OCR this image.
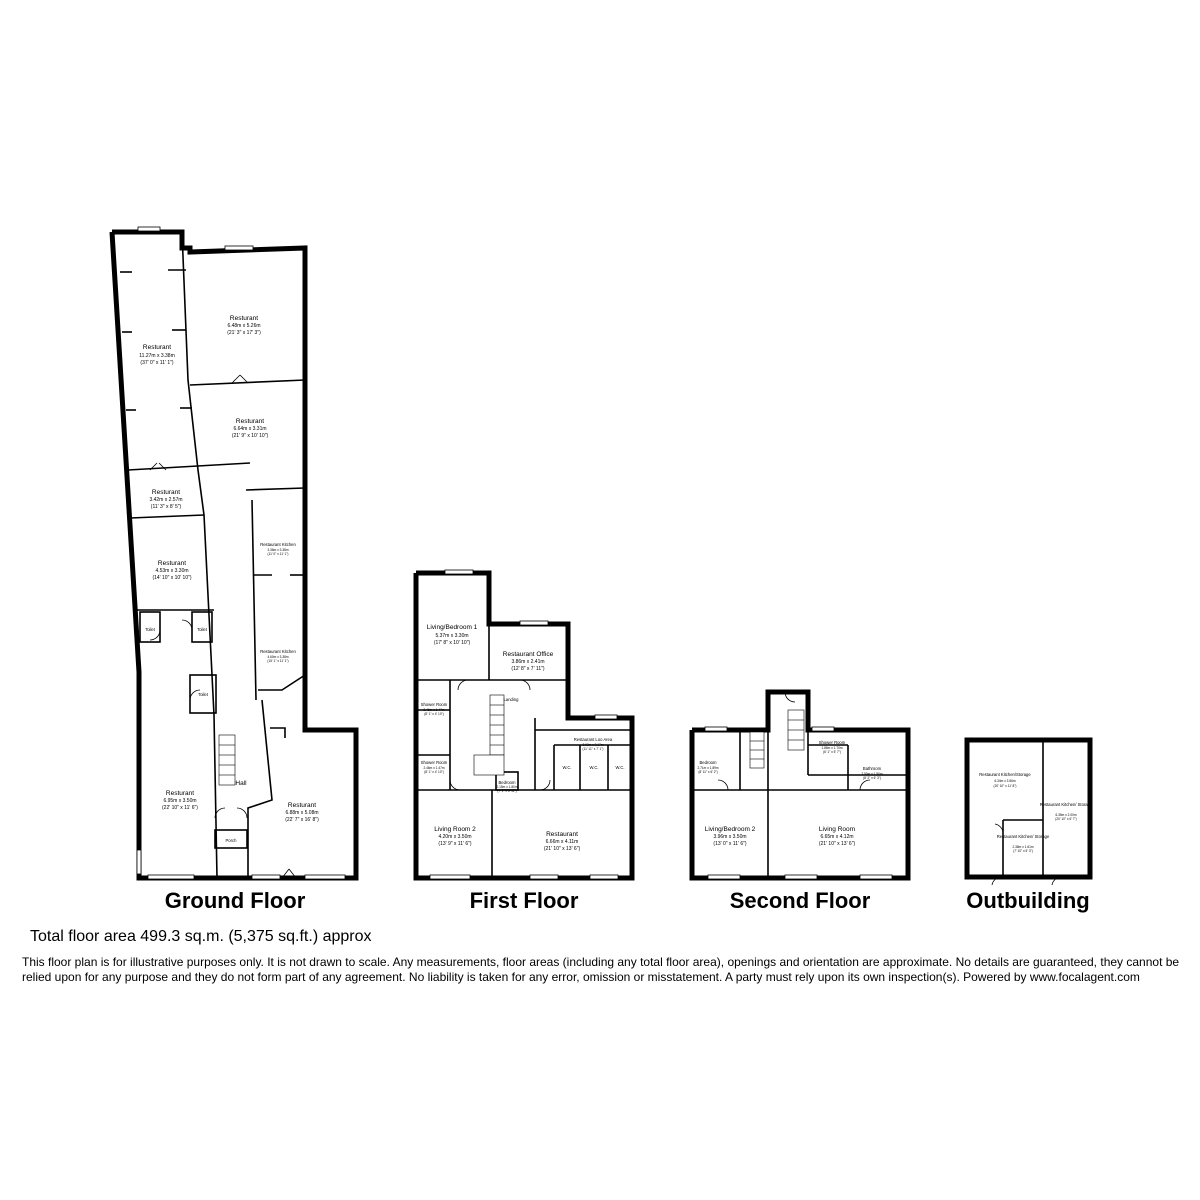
Resturant
11.27m x 3.38m
(37' 0" x 11' 1")
Resturant
6.48m x 5.26m
(21' 3" x 17' 3")
Resturant
6.64m x 3.31m
(21' 9" x 10' 10")
Resturant
3.42m x 2.57m
(11' 3" x 8' 5")
Resturant
4.53m x 3.30m
(14' 10" x 10' 10")
Restaurant Kitchen
3.36m x 3.38m
(11' 0" x 11' 1")
Restaurant Kitchen
4.60m x 3.38m
(15' 1" x 11' 1")
Toilet	Toilet
Toilet
Resturant
6.95m x 3.50m
(22' 10" x 11' 6")
Hall
Resturant
6.88m x 5.08m
(22' 7" x 16' 8")
Porch
Living/Bedroom 1
5.37m x 3.30m
(17' 8" x 10' 10")
Restaurant Office
3.86m x 2.41m
(12' 8" x 7' 11")
Landing
Shower Room
2.46m x 1.47m
(8' 1" x 4' 10")
Shower Room
2.46m x 1.47m
(8' 1" x 4' 10")
Restaurant Loo Area
3.63m x 2.17m
(11' 11" x 7' 1")
W.C.	W.C.	W.C.
Bedroom
2.15m x 1.80m
(7' 1" x 5' 11")
Living Room 2
4.20m x 3.50m
(13' 9" x 11' 6")
Restaurant
6.66m x 4.11m
(21' 10" x 13' 6")
Bedroom
2.71m x 1.89m
(8' 11" x 6' 2")
Shower Room
1.86m x 1.70m
(6' 1" x 5' 7")
Bathroom
2.50m x 1.90m
(8' 2" x 6' 3")
Living/Bedroom 2
3.96m x 3.50m
(13' 0" x 11' 6")
Living Room
6.65m x 4.12m
(21' 10" x 13' 6")
Restaurant Kitchen/Storage
6.34m x 3.56m
(20' 10" x 11' 8")
Restaurant Kitchen/ Storage
6.35m x 2.00m
(20' 10" x 6' 7")
Restaurant Kitchen/ Storage
2.38m x 1.61m
(7' 10" x 5' 3")
Ground Floor	First Floor	Second Floor	Outbuilding
Total floor area 499.3 sq.m. (5,375 sq.ft.) approx
This floor plan is for illustrative purposes only. It is not drawn to scale. Any measurements, floor areas (including any total floor area), openings and orientation are approximate. No details are guaranteed, they cannot be relied upon for any purpose and they do not form part of any agreement. No liability is taken for any error, omission or misstatement. A party must rely upon its own inspection(s). Powered by www.focalagent.com
